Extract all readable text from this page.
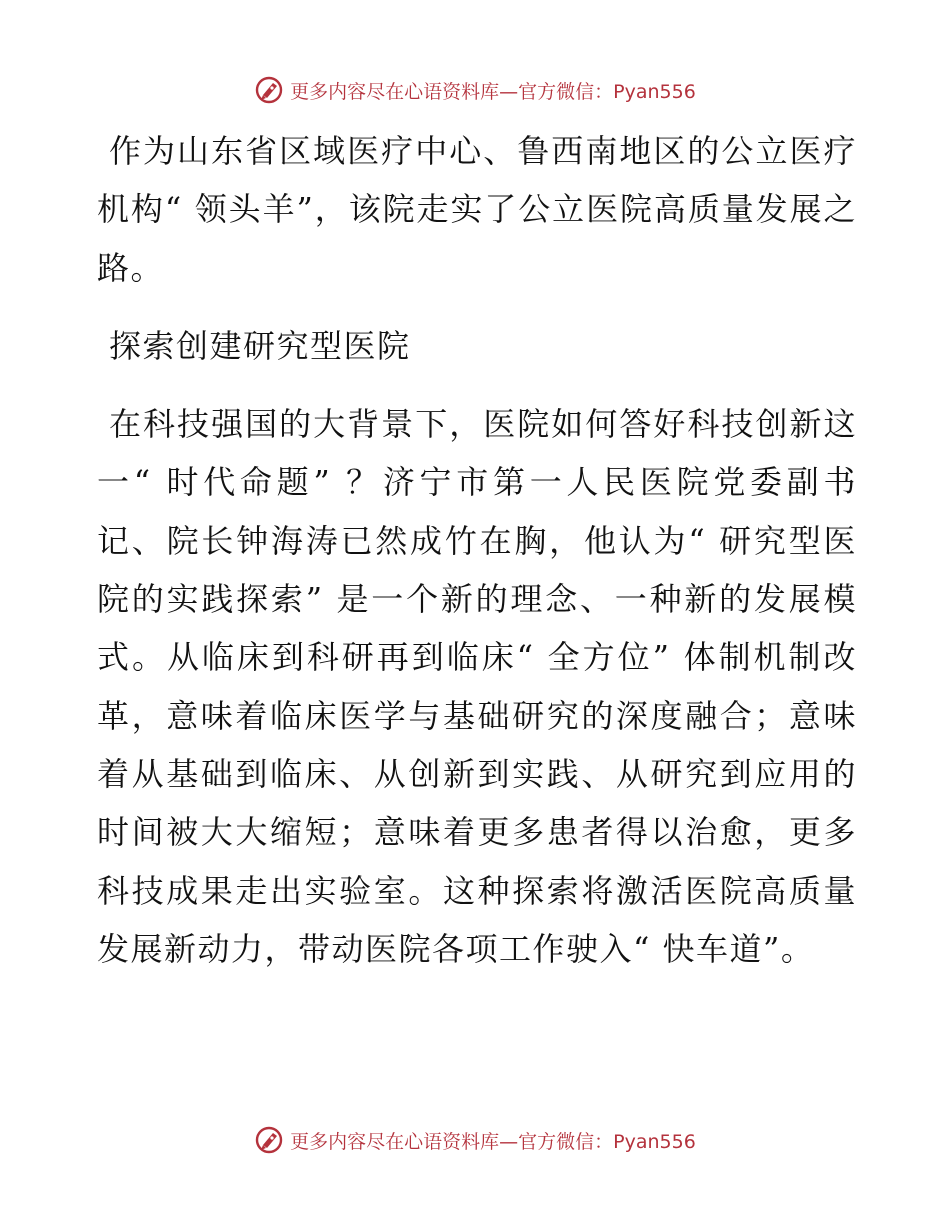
更多内容尽在心语资料库—官方微信：Pyan556

作为山东省区域医疗中心、鲁西南地区的公立医疗机构“ 领头羊”，该院走实了公立医院高质量发展之路。

探索创建研究型医院

在科技强国的大背景下，医院如何答好科技创新这一“ 时代命题” ？济宁市第一人民医院党委副书记、院长钟海涛已然成竹在胸，他认为“ 研究型医院的实践探索” 是一个新的理念、一种新的发展模式。从临床到科研再到临床“ 全方位” 体制机制改革，意味着临床医学与基础研究的深度融合；意味着从基础到临床、从创新到实践、从研究到应用的时间被大大缩短；意味着更多患者得以治愈，更多科技成果走出实验室。这种探索将激活医院高质量发展新动力，带动医院各项工作驶入“ 快车道”。

更多内容尽在心语资料库—官方微信：Pyan556
